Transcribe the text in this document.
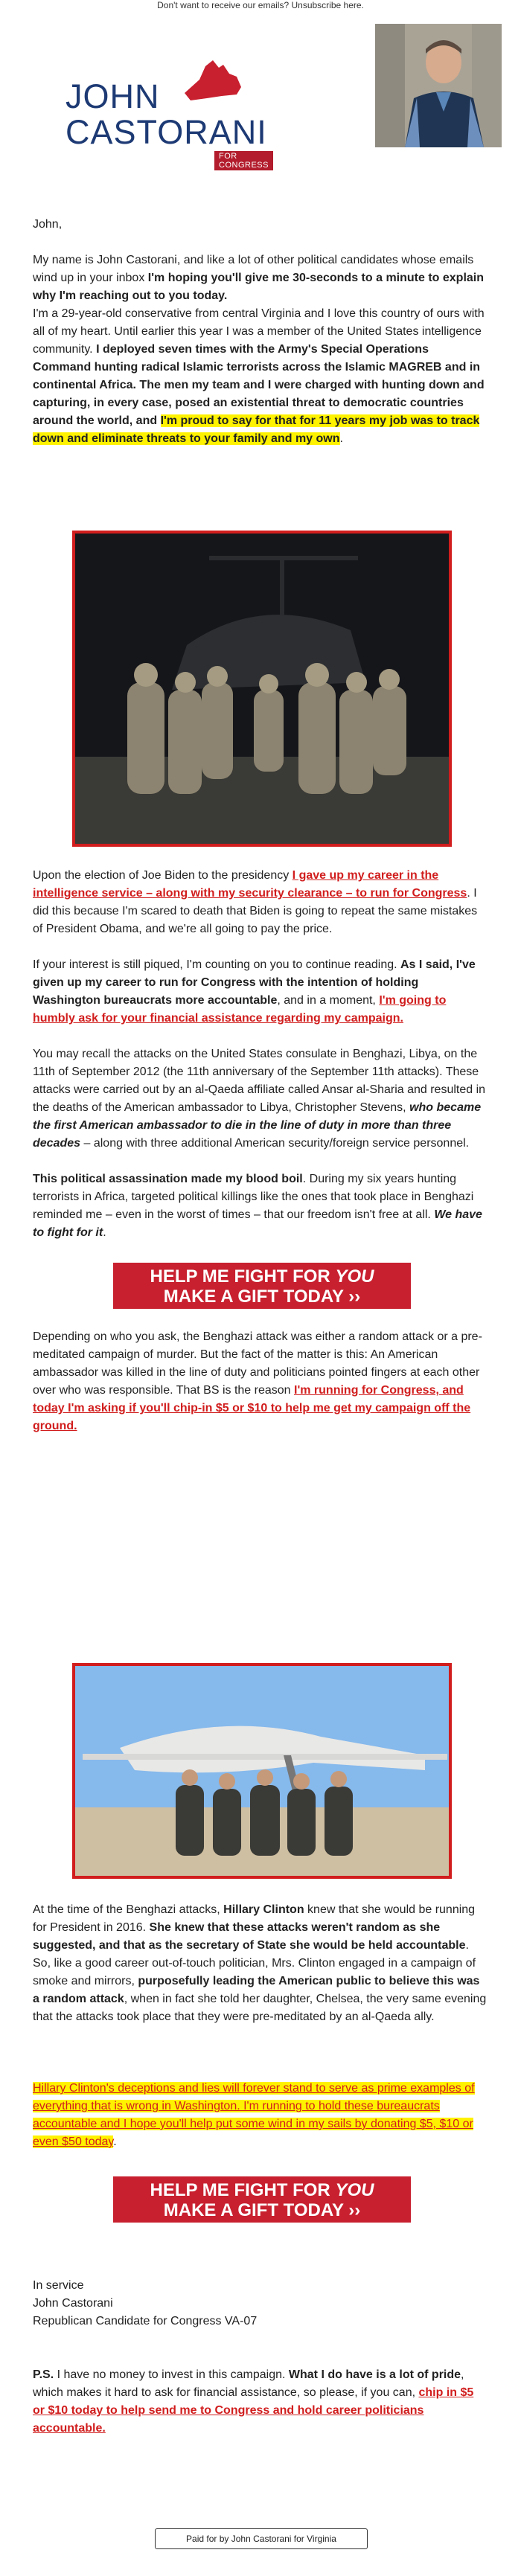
Don't want to receive our emails? Unsubscribe here.
JOHN
CASTORANI
FOR CONGRESS

John,

My name is John Castorani, and like a lot of other political candidates whose emails wind up in your inbox I'm hoping you'll give me 30-seconds to a minute to explain why I'm reaching out to you today.

I'm a 29-year-old conservative from central Virginia and I love this country of ours with all of my heart. Until earlier this year I was a member of the United States intelligence community. I deployed seven times with the Army's Special Operations Command hunting radical Islamic terrorists across the Islamic MAGREB and in continental Africa. The men my team and I were charged with hunting down and capturing, in every case, posed an existential threat to democratic countries around the world, and I'm proud to say for that for 11 years my job was to track down and eliminate threats to your family and my own.

Upon the election of Joe Biden to the presidency I gave up my career in the intelligence service – along with my security clearance – to run for Congress. I did this because I'm scared to death that Biden is going to repeat the same mistakes of President Obama, and we're all going to pay the price.

If your interest is still piqued, I'm counting on you to continue reading. As I said, I've given up my career to run for Congress with the intention of holding Washington bureaucrats more accountable, and in a moment, I'm going to humbly ask for your financial assistance regarding my campaign.

You may recall the attacks on the United States consulate in Benghazi, Libya, on the 11th of September 2012 (the 11th anniversary of the September 11th attacks). These attacks were carried out by an al-Qaeda affiliate called Ansar al-Sharia and resulted in the deaths of the American ambassador to Libya, Christopher Stevens, who became the first American ambassador to die in the line of duty in more than three decades – along with three additional American security/foreign service personnel.

This political assassination made my blood boil. During my six years hunting terrorists in Africa, targeted political killings like the ones that took place in Benghazi reminded me – even in the worst of times – that our freedom isn't free at all. We have to fight for it.

HELP ME FIGHT FOR YOU
MAKE A GIFT TODAY ››

Depending on who you ask, the Benghazi attack was either a random attack or a pre-meditated campaign of murder. But the fact of the matter is this: An American ambassador was killed in the line of duty and politicians pointed fingers at each other over who was responsible. That BS is the reason I'm running for Congress, and today I'm asking if you'll chip-in $5 or $10 to help me get my campaign off the ground.

At the time of the Benghazi attacks, Hillary Clinton knew that she would be running for President in 2016. She knew that these attacks weren't random as she suggested, and that as the secretary of State she would be held accountable. So, like a good career out-of-touch politician, Mrs. Clinton engaged in a campaign of smoke and mirrors, purposefully leading the American public to believe this was a random attack, when in fact she told her daughter, Chelsea, the very same evening that the attacks took place that they were pre-meditated by an al-Qaeda ally.

Hillary Clinton's deceptions and lies will forever stand to serve as prime examples of everything that is wrong in Washington. I'm running to hold these bureaucrats accountable and I hope you'll help put some wind in my sails by donating $5, $10 or even $50 today.

HELP ME FIGHT FOR YOU
MAKE A GIFT TODAY ››

In service
John Castorani
Republican Candidate for Congress VA-07

P.S. I have no money to invest in this campaign. What I do have is a lot of pride, which makes it hard to ask for financial assistance, so please, if you can, chip in $5 or $10 today to help send me to Congress and hold career politicians accountable.

Paid for by John Castorani for Virginia
